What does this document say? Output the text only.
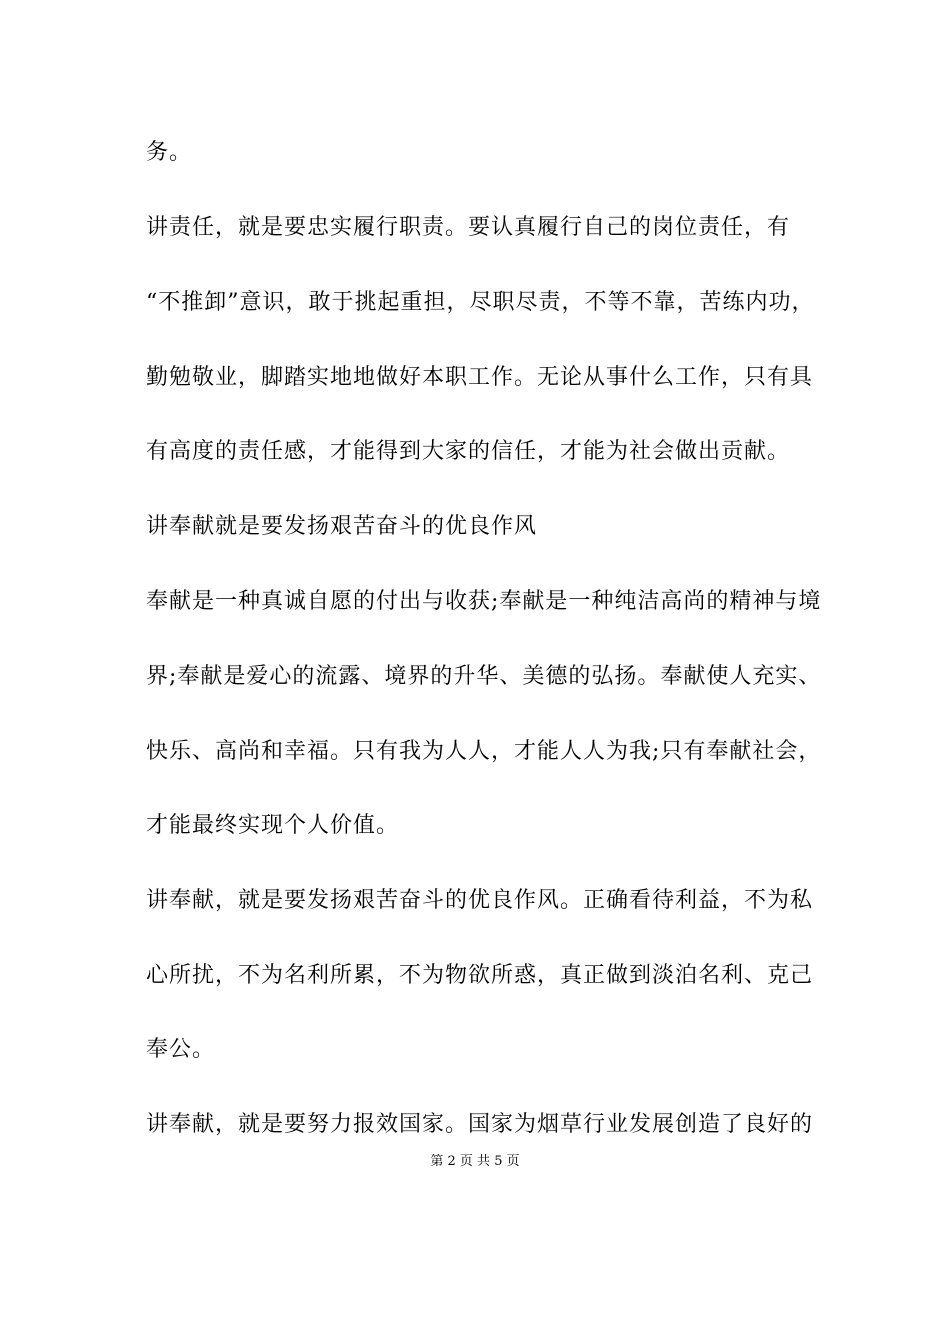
务。
讲责任，就是要忠实履行职责。要认真履行自己的岗位责任，有
“不推卸”意识，敢于挑起重担，尽职尽责，不等不靠，苦练内功，
勤勉敬业，脚踏实地地做好本职工作。无论从事什么工作，只有具
有高度的责任感，才能得到大家的信任，才能为社会做出贡献。
讲奉献就是要发扬艰苦奋斗的优良作风
奉献是一种真诚自愿的付出与收获;奉献是一种纯洁高尚的精神与境
界;奉献是爱心的流露、境界的升华、美德的弘扬。奉献使人充实、
快乐、高尚和幸福。只有我为人人，才能人人为我;只有奉献社会，
才能最终实现个人价值。
讲奉献，就是要发扬艰苦奋斗的优良作风。正确看待利益，不为私
心所扰，不为名利所累，不为物欲所惑，真正做到淡泊名利、克己
奉公。
讲奉献，就是要努力报效国家。国家为烟草行业发展创造了良好的
第 2 页 共 5 页
